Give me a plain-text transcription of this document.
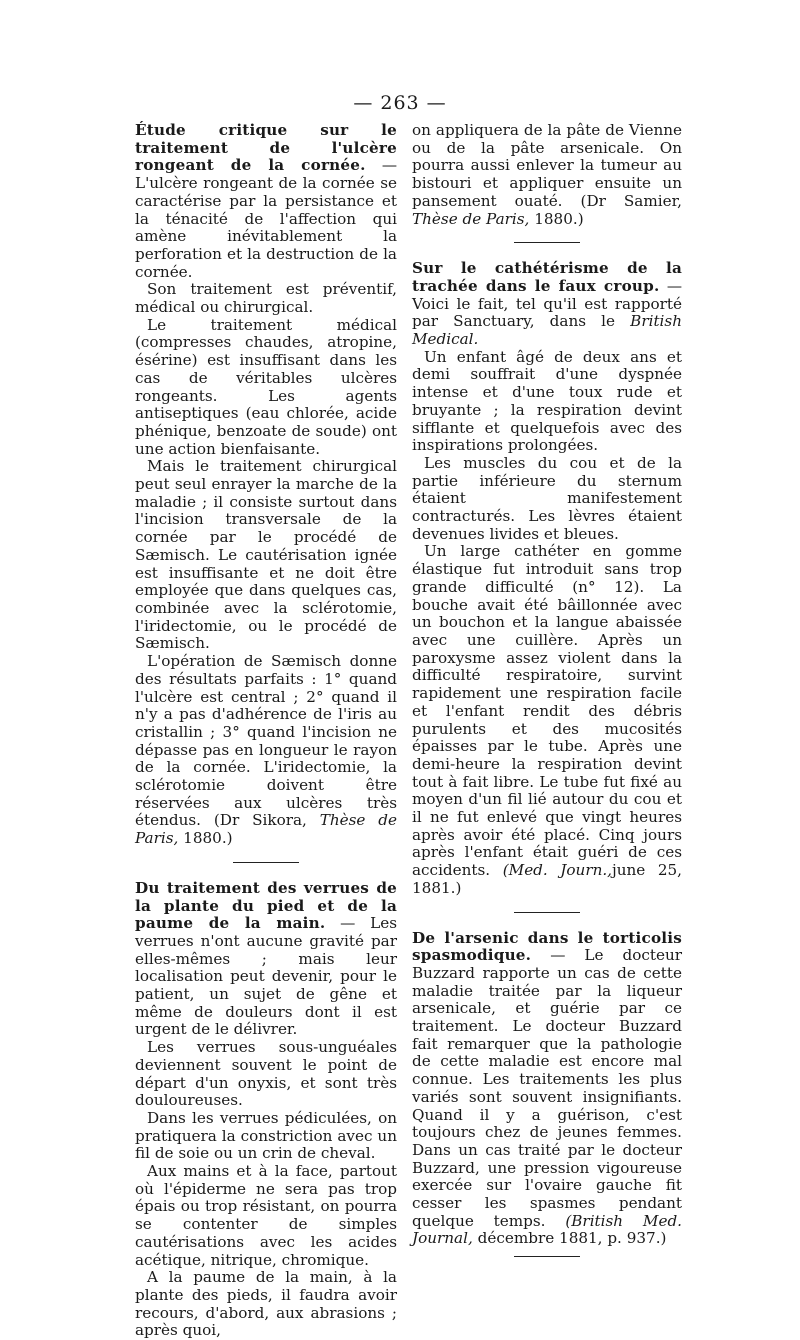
— 263 —

Étude critique sur le traitement de l'ulcère rongeant de la cornée. — L'ulcère rongeant de la cornée se caractérise par la persistance et la ténacité de l'affection qui amène inévitablement la perforation et la destruction de la cornée.

Son traitement est préventif, médical ou chirurgical.

Le traitement médical (compresses chaudes, atropine, ésérine) est insuffisant dans les cas de véritables ulcères rongeants. Les agents antiseptiques (eau chlorée, acide phénique, benzoate de soude) ont une action bienfaisante.

Mais le traitement chirurgical peut seul enrayer la marche de la maladie ; il consiste surtout dans l'incision transversale de la cornée par le procédé de Sæmisch. Le cautérisation ignée est insuffisante et ne doit être employée que dans quelques cas, combinée avec la sclérotomie, l'iridectomie, ou le procédé de Sæmisch.

L'opération de Sæmisch donne des résultats parfaits : 1° quand l'ulcère est central ; 2° quand il n'y a pas d'adhérence de l'iris au cristallin ; 3° quand l'incision ne dépasse pas en longueur le rayon de la cornée. L'iridectomie, la sclérotomie doivent être réservées aux ulcères très étendus. (Dr Sikora, Thèse de Paris, 1880.)

Du traitement des verrues de la plante du pied et de la paume de la main. — Les verrues n'ont aucune gravité par elles-mêmes ; mais leur localisation peut devenir, pour le patient, un sujet de gêne et même de douleurs dont il est urgent de le délivrer.

Les verrues sous-unguéales deviennent souvent le point de départ d'un onyxis, et sont très douloureuses.

Dans les verrues pédiculées, on pratiquera la constriction avec un fil de soie ou un crin de cheval.

Aux mains et à la face, partout où l'épiderme ne sera pas trop épais ou trop résistant, on pourra se contenter de simples cautérisations avec les acides acétique, nitrique, chromique.

A la paume de la main, à la plante des pieds, il faudra avoir recours, d'abord, aux abrasions ; après quoi,

on appliquera de la pâte de Vienne ou de la pâte arsenicale. On pourra aussi enlever la tumeur au bistouri et appliquer ensuite un pansement ouaté. (Dr Samier, Thèse de Paris, 1880.)

Sur le cathétérisme de la trachée dans le faux croup. —Voici le fait, tel qu'il est rapporté par Sanctuary, dans le British Medical.

Un enfant âgé de deux ans et demi souffrait d'une dyspnée intense et d'une toux rude et bruyante ; la respiration devint sifflante et quelquefois avec des inspirations prolongées.

Les muscles du cou et de la partie inférieure du sternum étaient manifestement contracturés. Les lèvres étaient devenues livides et bleues.

Un large cathéter en gomme élastique fut introduit sans trop grande difficulté (n° 12). La bouche avait été bâillonnée avec un bouchon et la langue abaissée avec une cuillère. Après un paroxysme assez violent dans la difficulté respiratoire, survint rapidement une respiration facile et l'enfant rendit des débris purulents et des mucosités épaisses par le tube. Après une demi-heure la respiration devint tout à fait libre. Le tube fut fixé au moyen d'un fil lié autour du cou et il ne fut enlevé que vingt heures après avoir été placé. Cinq jours après l'enfant était guéri de ces accidents. (Med. Journ.,june 25, 1881.)

De l'arsenic dans le torticolis spasmodique. — Le docteur Buzzard rapporte un cas de cette maladie traitée par la liqueur arsenicale, et guérie par ce traitement. Le docteur Buzzard fait remarquer que la pathologie de cette maladie est encore mal connue. Les traitements les plus variés sont souvent insignifiants. Quand il y a guérison, c'est toujours chez de jeunes femmes. Dans un cas traité par le docteur Buzzard, une pression vigoureuse exercée sur l'ovaire gauche fit cesser les spasmes pendant quelque temps. (British Med. Journal, décembre 1881, p. 937.)
